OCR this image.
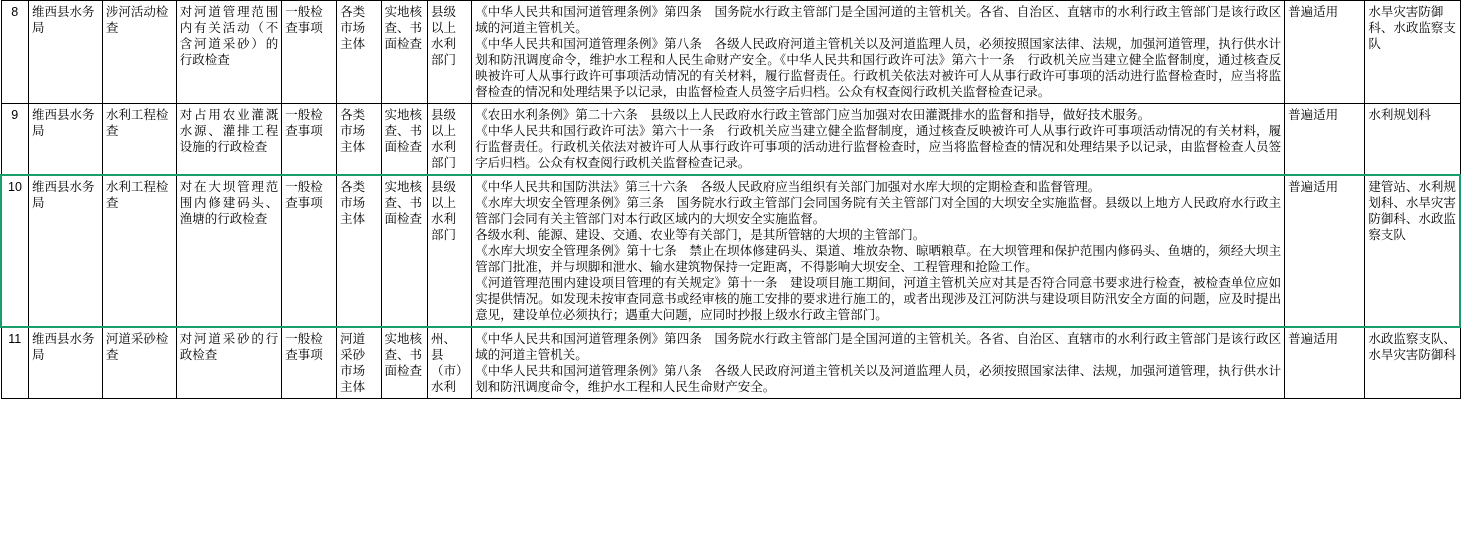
8	维西县水务局	涉河活动检查	对河道管理范围内有关活动（不含河道采砂）的行政检查	一般检查事项	各类市场主体	实地核查、书面检查	县级以上水利部门	《中华人民共和国河道管理条例》第四条　国务院水行政主管部门是全国河道的主管机关。各省、自治区、直辖市的水利行政主管部门是该行政区域的河道主管机关。

《中华人民共和国河道管理条例》第八条　各级人民政府河道主管机关以及河道监理人员，必须按照国家法律、法规，加强河道管理，执行供水计划和防汛调度命令，维护水工程和人民生命财产安全。《中华人民共和国行政许可法》第六十一条　行政机关应当建立健全监督制度，通过核查反映被许可人从事行政许可事项活动情况的有关材料，履行监督责任。行政机关依法对被许可人从事行政许可事项的活动进行监督检查时，应当将监督检查的情况和处理结果予以记录，由监督检查人员签字后归档。公众有权查阅行政机关监督检查记录。	普遍适用	水旱灾害防御科、水政监察支队
9	维西县水务局	水利工程检查	对占用农业灌溉水源、灌排工程设施的行政检查	一般检查事项	各类市场主体	实地核查、书面检查	县级以上水利部门	《农田水利条例》第二十六条　县级以上人民政府水行政主管部门应当加强对农田灌溉排水的监督和指导，做好技术服务。

《中华人民共和国行政许可法》第六十一条　行政机关应当建立健全监督制度，通过核查反映被许可人从事行政许可事项活动情况的有关材料，履行监督责任。行政机关依法对被许可人从事行政许可事项的活动进行监督检查时，应当将监督检查的情况和处理结果予以记录，由监督检查人员签字后归档。公众有权查阅行政机关监督检查记录。	普遍适用	水利规划科
10	维西县水务局	水利工程检查	对在大坝管理范围内修建码头、渔塘的行政检查	一般检查事项	各类市场主体	实地核查、书面检查	县级以上水利部门	《中华人民共和国防洪法》第三十六条　各级人民政府应当组织有关部门加强对水库大坝的定期检查和监督管理。

《水库大坝安全管理条例》第三条　国务院水行政主管部门会同国务院有关主管部门对全国的大坝安全实施监督。县级以上地方人民政府水行政主管部门会同有关主管部门对本行政区域内的大坝安全实施监督。

各级水利、能源、建设、交通、农业等有关部门，是其所管辖的大坝的主管部门。

《水库大坝安全管理条例》第十七条　禁止在坝体修建码头、渠道、堆放杂物、晾晒粮草。在大坝管理和保护范围内修码头、鱼塘的，须经大坝主管部门批准，并与坝脚和泄水、输水建筑物保持一定距离，不得影响大坝安全、工程管理和抢险工作。

《河道管理范围内建设项目管理的有关规定》第十一条　建设项目施工期间，河道主管机关应对其是否符合同意书要求进行检查，被检查单位应如实提供情况。如发现未按审查同意书或经审核的施工安排的要求进行施工的，或者出现涉及江河防洪与建设项目防汛安全方面的问题，应及时提出意见，建设单位必须执行；遇重大问题，应同时抄报上级水行政主管部门。	普遍适用	建管站、水利规划科、水旱灾害防御科、水政监察支队
11	维西县水务局	河道采砂检查	对河道采砂的行政检查	一般检查事项	河道采砂市场主体	实地核查、书面检查	州、县（市）水利	《中华人民共和国河道管理条例》第四条　国务院水行政主管部门是全国河道的主管机关。各省、自治区、直辖市的水利行政主管部门是该行政区域的河道主管机关。

《中华人民共和国河道管理条例》第八条　各级人民政府河道主管机关以及河道监理人员，必须按照国家法律、法规，加强河道管理，执行供水计划和防汛调度命令，维护水工程和人民生命财产安全。	普遍适用	水政监察支队、水旱灾害防御科
